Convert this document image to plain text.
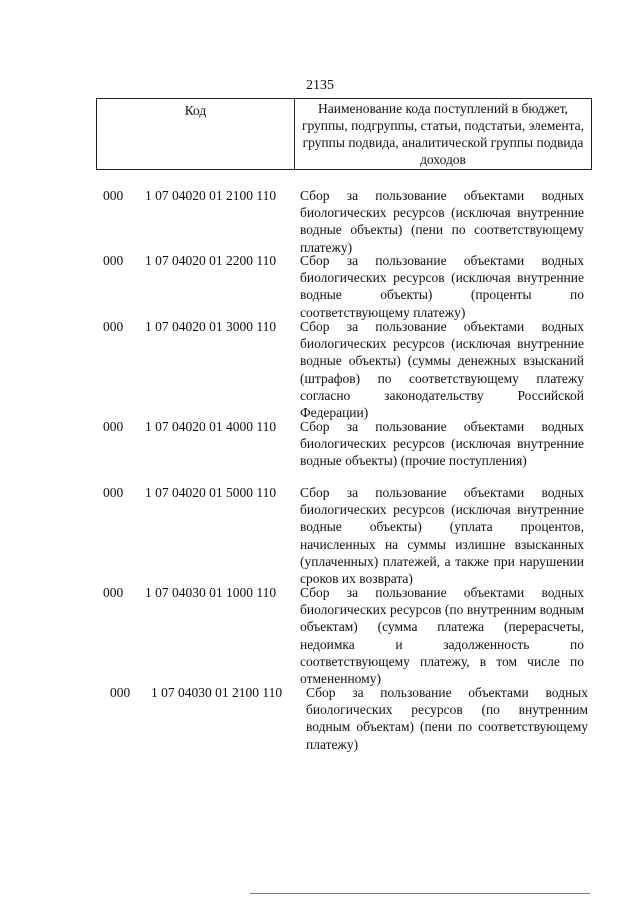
2135
Код	Наименование кода поступлений в бюджет, группы, подгруппы, статьи, подстатьи, элемента, группы подвида, аналитической группы подвида доходов
000 1 07 04020 01 2100 110 Сбор за пользование объектами водных биологических ресурсов (исключая внутренние водные объекты) (пени по соответствующему платежу)
000 1 07 04020 01 2200 110 Сбор за пользование объектами водных биологических ресурсов (исключая внутренние водные объекты) (проценты по соответствующему платежу)
000 1 07 04020 01 3000 110 Сбор за пользование объектами водных биологических ресурсов (исключая внутренние водные объекты) (суммы денежных взысканий (штрафов) по соответствующему платежу согласно законодательству Российской Федерации)
000 1 07 04020 01 4000 110 Сбор за пользование объектами водных биологических ресурсов (исключая внутренние водные объекты) (прочие поступления)
000 1 07 04020 01 5000 110 Сбор за пользование объектами водных биологических ресурсов (исключая внутренние водные объекты) (уплата процентов, начисленных на суммы излишне взысканных (уплаченных) платежей, а также при нарушении сроков их возврата)
000 1 07 04030 01 1000 110 Сбор за пользование объектами водных биологических ресурсов (по внутренним водным объектам) (сумма платежа (перерасчеты, недоимка и задолженность по соответствующему платежу, в том числе по отмененному)
000 1 07 04030 01 2100 110 Сбор за пользование объектами водных биологических ресурсов (по внутренним водным объектам) (пени по соответствующему платежу)
